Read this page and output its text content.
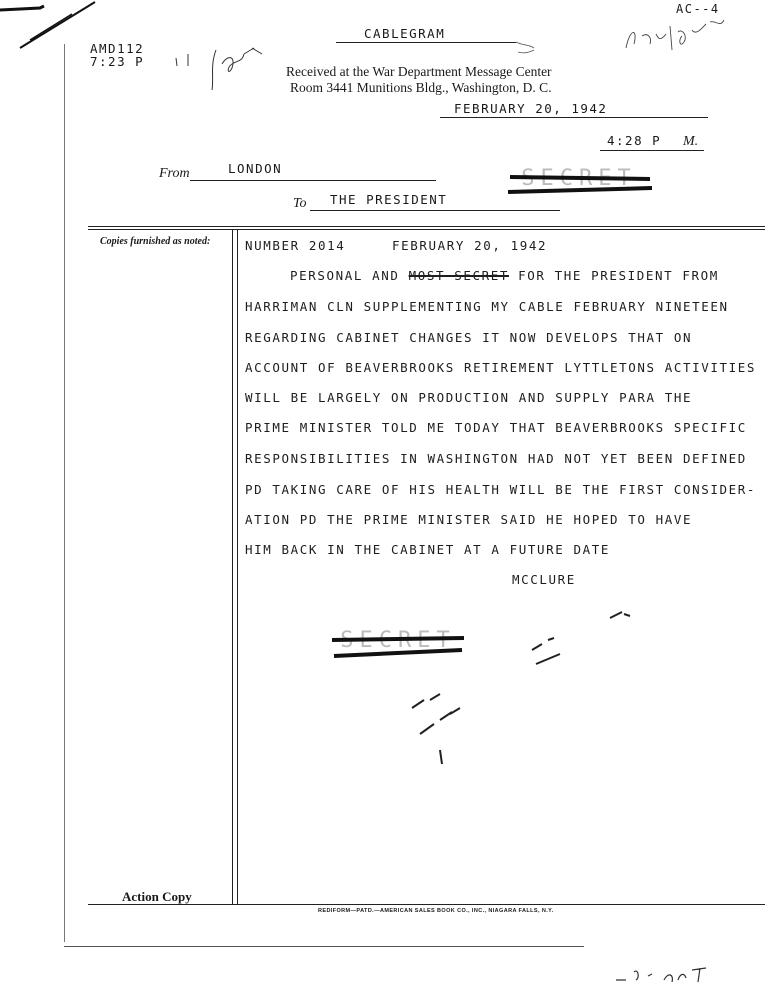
AC--4
CABLEGRAM
AMD112
7:23 P
Received at the War Department Message Center
Room 3441 Munitions Bldg., Washington, D. C.
FEBRUARY 20, 1942
4:28 P M.
From	LONDON	SECRET
To THE PRESIDENT
Copies furnished as noted:
Action Copy
NUMBER 2014	FEBRUARY 20, 1942
PERSONAL AND MOST SECRET FOR THE PRESIDENT FROM
HARRIMAN CLN SUPPLEMENTING MY CABLE FEBRUARY NINETEEN
REGARDING CABINET CHANGES IT NOW DEVELOPS THAT ON
ACCOUNT OF BEAVERBROOKS RETIREMENT LYTTLETONS ACTIVITIES
WILL BE LARGELY ON PRODUCTION AND SUPPLY PARA THE
PRIME MINISTER TOLD ME TODAY THAT BEAVERBROOKS SPECIFIC
RESPONSIBILITIES IN WASHINGTON HAD NOT YET BEEN DEFINED
PD TAKING CARE OF HIS HEALTH WILL BE THE FIRST CONSIDER-
ATION PD THE PRIME MINISTER SAID HE HOPED TO HAVE
HIM BACK IN THE CABINET AT A FUTURE DATE
MCCLURE
SECRET
REDIFORM—PATD.—AMERICAN SALES BOOK CO., INC., NIAGARA FALLS, N.Y.
